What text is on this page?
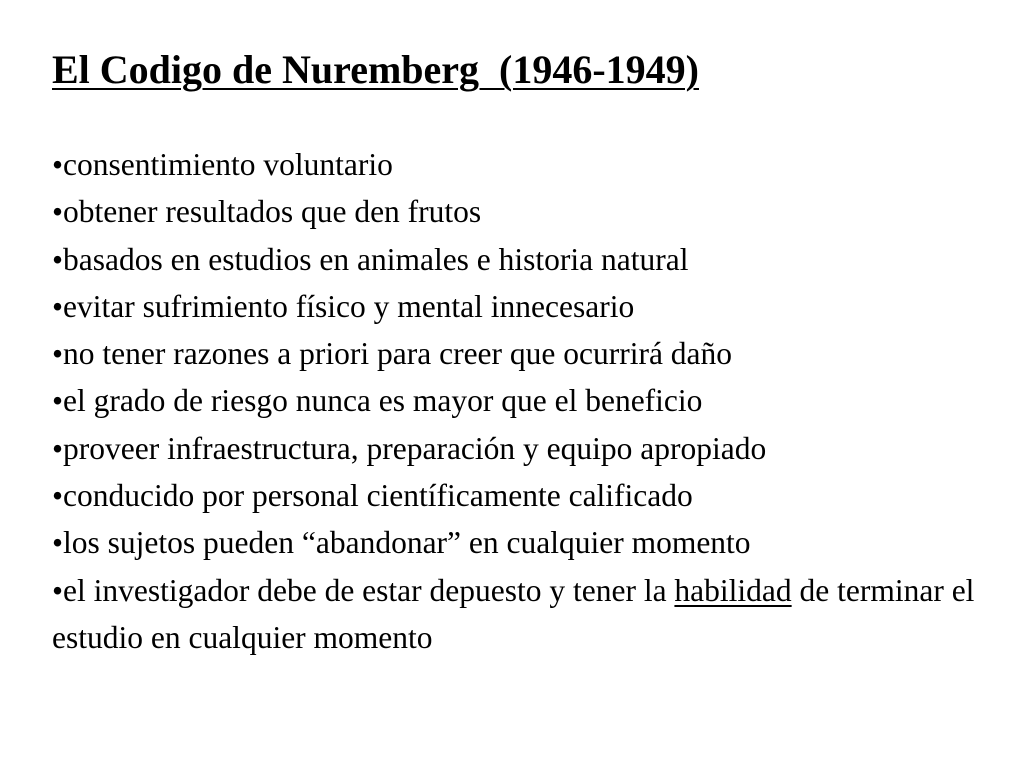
El Codigo de Nuremberg  (1946-1949)
•consentimiento voluntario
•obtener resultados que den frutos
•basados en estudios en animales e historia natural
•evitar sufrimiento físico y mental innecesario
•no tener razones a priori para creer que ocurrirá daño
•el grado de riesgo nunca es mayor que el beneficio
•proveer infraestructura, preparación y equipo apropiado
•conducido por personal científicamente calificado
•los sujetos pueden “abandonar” en cualquier momento
•el investigador debe de estar depuesto y tener la habilidad de terminar el estudio en cualquier momento
